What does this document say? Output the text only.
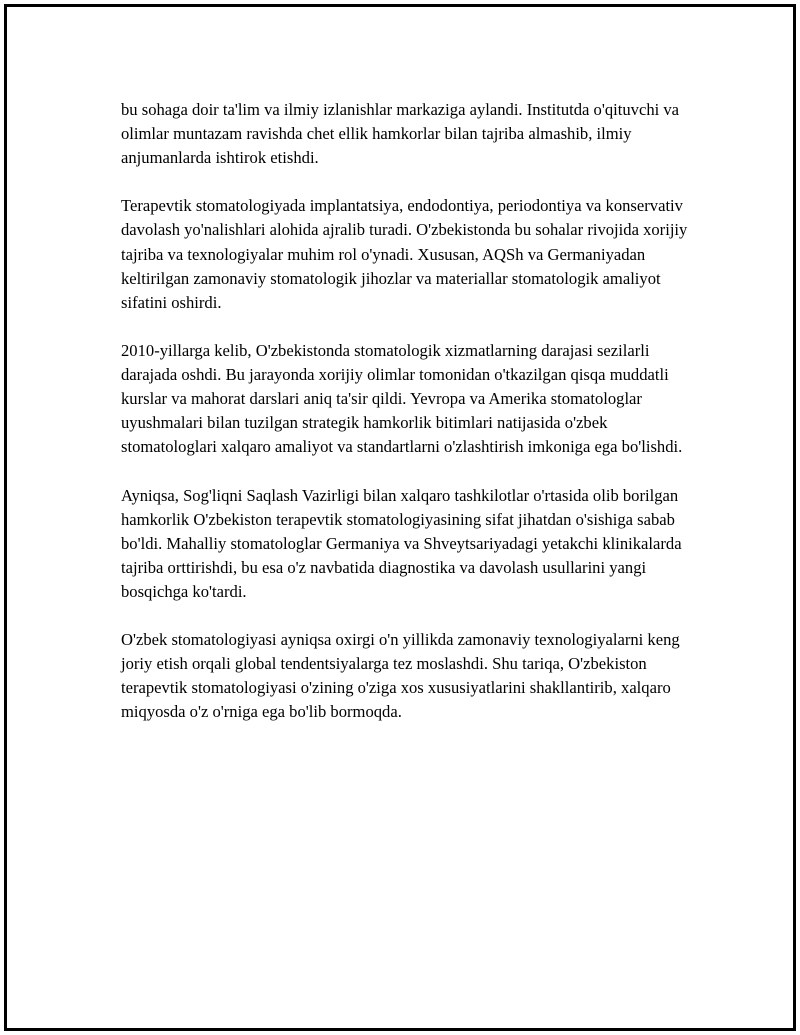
bu sohaga doir ta'lim va ilmiy izlanishlar markaziga aylandi. Institutda o'qituvchi va olimlar muntazam ravishda chet ellik hamkorlar bilan tajriba almashib, ilmiy anjumanlarda ishtirok etishdi.

Terapevtik stomatologiyada implantatsiya, endodontiya, periodontiya va konservativ davolash yo'nalishlari alohida ajralib turadi. O'zbekistonda bu sohalar rivojida xorijiy tajriba va texnologiyalar muhim rol o'ynadi. Xususan, AQSh va Germaniyadan keltirilgan zamonaviy stomatologik jihozlar va materiallar stomatologik amaliyot sifatini oshirdi.

2010-yillarga kelib, O'zbekistonda stomatologik xizmatlarning darajasi sezilarli darajada oshdi. Bu jarayonda xorijiy olimlar tomonidan o'tkazilgan qisqa muddatli kurslar va mahorat darslari aniq ta'sir qildi. Yevropa va Amerika stomatologlar uyushmalari bilan tuzilgan strategik hamkorlik bitimlari natijasida o'zbek stomatologlari xalqaro amaliyot va standartlarni o'zlashtirish imkoniga ega bo'lishdi.

Ayniqsa, Sog'liqni Saqlash Vazirligi bilan xalqaro tashkilotlar o'rtasida olib borilgan hamkorlik O'zbekiston terapevtik stomatologiyasining sifat jihatdan o'sishiga sabab bo'ldi. Mahalliy stomatologlar Germaniya va Shveytsariyadagi yetakchi klinikalarda tajriba orttirishdi, bu esa o'z navbatida diagnostika va davolash usullarini yangi bosqichga ko'tardi.

O'zbek stomatologiyasi ayniqsa oxirgi o'n yillikda zamonaviy texnologiyalarni keng joriy etish orqali global tendentsiyalarga tez moslashdi. Shu tariqa, O'zbekiston terapevtik stomatologiyasi o'zining o'ziga xos xususiyatlarini shakllantirib, xalqaro miqyosda o'z o'rniga ega bo'lib bormoqda.
